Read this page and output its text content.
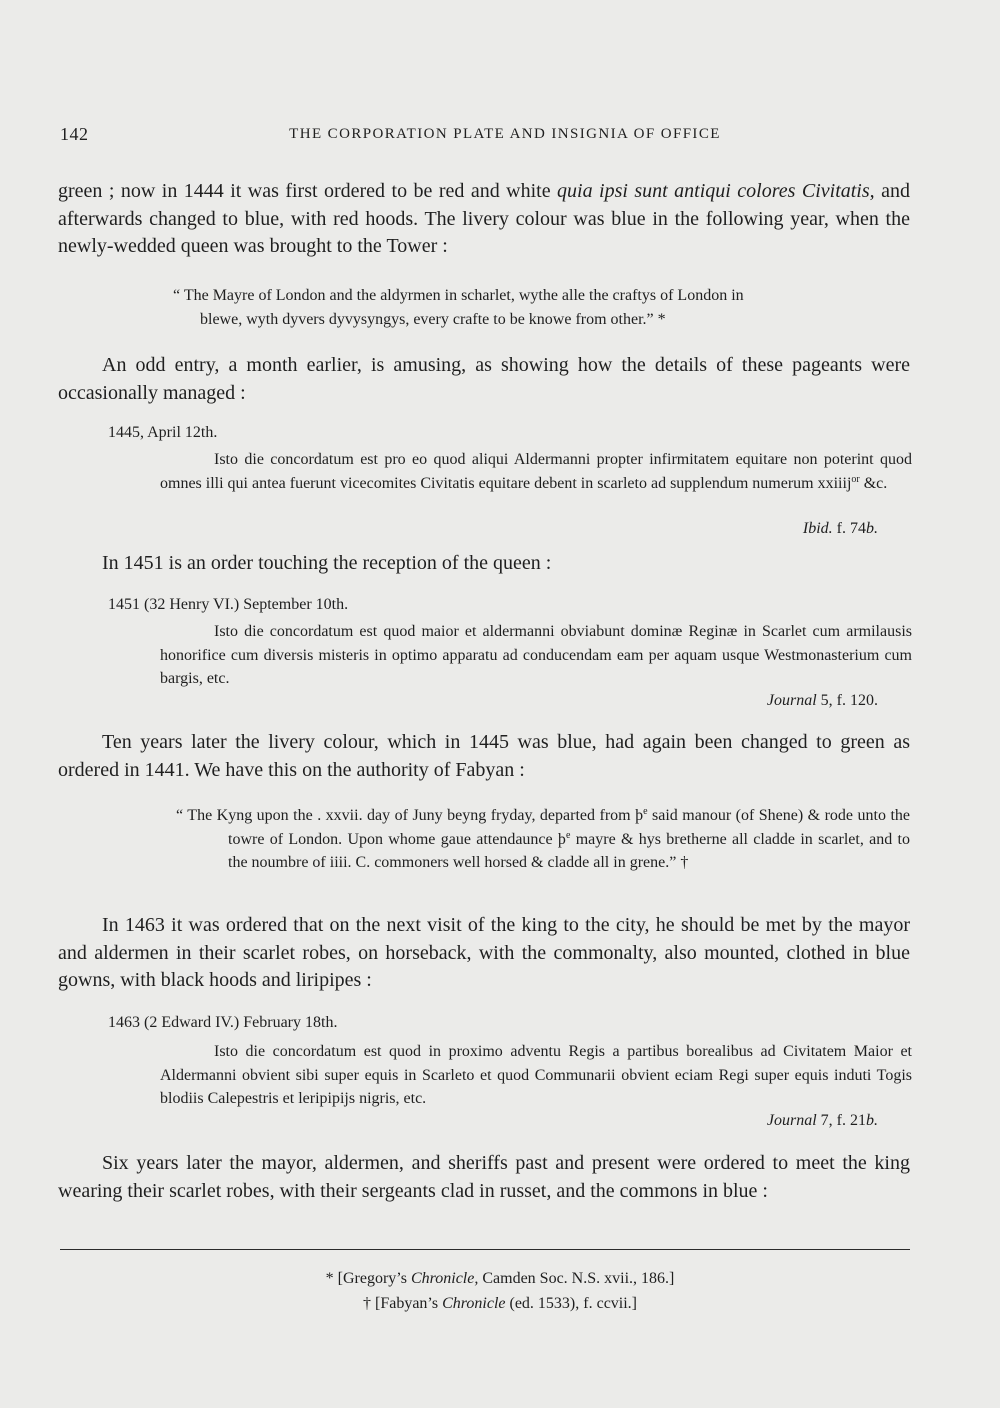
142	THE CORPORATION PLATE AND INSIGNIA OF OFFICE
green ; now in 1444 it was first ordered to be red and white quia ipsi sunt antiqui colores Civitatis, and afterwards changed to blue, with red hoods. The livery colour was blue in the following year, when the newly-wedded queen was brought to the Tower :
“ The Mayre of London and the aldyrmen in scharlet, wythe alle the craftys of London in
blewe, wyth dyvers dyvysyngys, every crafte to be knowe from other.” *
An odd entry, a month earlier, is amusing, as showing how the details of these pageants were occasionally managed :
1445, April 12th.
Isto die concordatum est pro eo quod aliqui Aldermanni propter infirmitatem equitare non poterint quod omnes illi qui antea fuerunt vicecomites Civitatis equitare debent in scarleto ad supplendum numerum xxiiij$^{or}$ &c.
Ibid. f. 74b.
In 1451 is an order touching the reception of the queen :
1451 (32 Henry VI.) September 10th.
Isto die concordatum est quod maior et aldermanni obviabunt dominæ Reginæ in Scarlet cum armilausis honorifice cum diversis misteris in optimo apparatu ad conducendam eam per aquam usque Westmonasterium cum bargis, etc.
Journal 5, f. 120.
Ten years later the livery colour, which in 1445 was blue, had again been changed to green as ordered in 1441. We have this on the authority of Fabyan :
“ The Kyng upon the . xxvii. day of Juny beyng fryday, departed from $þ^e$ said manour (of Shene) & rode unto the towre of London. Upon whome gaue attendaunce $þ^e$ mayre & hys bretherne all cladde in scarlet, and to the noumbre of iiii. C. commoners well horsed & cladde all in grene.” †
In 1463 it was ordered that on the next visit of the king to the city, he should be met by the mayor and aldermen in their scarlet robes, on horseback, with the commonalty, also mounted, clothed in blue gowns, with black hoods and liripipes :
1463 (2 Edward IV.) February 18th.
Isto die concordatum est quod in proximo adventu Regis a partibus borealibus ad Civitatem Maior et Aldermanni obvient sibi super equis in Scarleto et quod Communarii obvient eciam Regi super equis induti Togis blodiis Calepestris et leripipijs nigris, etc.
Journal 7, f. 21b.
Six years later the mayor, aldermen, and sheriffs past and present were ordered to meet the king wearing their scarlet robes, with their sergeants clad in russet, and the commons in blue :
* [Gregory’s Chronicle, Camden Soc. N.S. xvii., 186.]
† [Fabyan’s Chronicle (ed. 1533), f. ccvii.]
